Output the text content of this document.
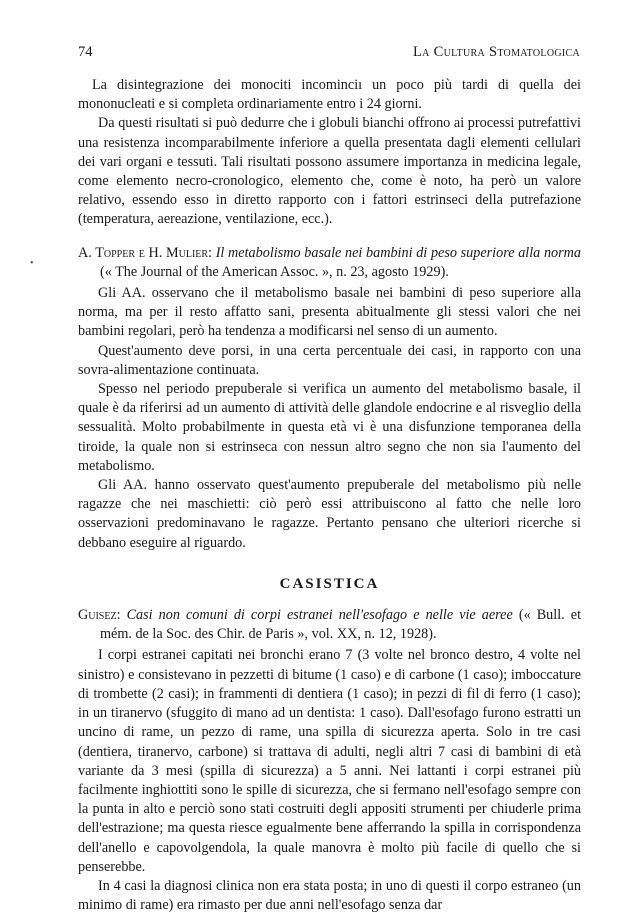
74	La Cultura Stomatologica
•

La disintegrazione dei monociti incominciı un poco più tardi di quella dei mononucleati e si completa ordinariamente entro i 24 giorni.

Da questi risultati si può dedurre che i globuli bianchi offrono ai processi putrefattivi una resistenza incomparabilmente inferiore a quella presentata dagli elementi cellulari dei vari organi e tessuti. Tali risultati possono assumere importanza in medicina legale, come elemento necro-cronologico, elemento che, come è noto, ha però un valore relativo, essendo esso in diretto rapporto con i fattori estrinseci della putrefazione (temperatura, aereazione, ventilazione, ecc.).

A. Topper e H. Mulier: Il metabolismo basale nei bambini di peso superiore alla norma (« The Journal of the American Assoc. », n. 23, agosto 1929).

Gli AA. osservano che il metabolismo basale nei bambini di peso superiore alla norma, ma per il resto affatto sani, presenta abitualmente gli stessi valori che nei bambini regolari, però ha tendenza a modificarsi nel senso di un aumento.

Quest'aumento deve porsi, in una certa percentuale dei casi, in rapporto con una sovra-alimentazione continuata.

Spesso nel periodo prepuberale si verifica un aumento del metabolismo basale, il quale è da riferirsi ad un aumento di attività delle glandole endocrine e al risveglio della sessualità. Molto probabilmente in questa età vi è una disfunzione temporanea della tiroide, la quale non si estrinseca con nessun altro segno che non sia l'aumento del metabolismo.

Gli AA. hanno osservato quest'aumento prepuberale del metabolismo più nelle ragazze che nei maschietti: ciò però essi attribuiscono al fatto che nelle loro osservazioni predominavano le ragazze. Pertanto pensano che ulteriori ricerche si debbano eseguire al riguardo.

CASISTICA

Guisez: Casi non comuni di corpi estranei nell'esofago e nelle vie aeree (« Bull. et mém. de la Soc. des Chir. de Paris », vol. XX, n. 12, 1928).

I corpi estranei capitati nei bronchi erano 7 (3 volte nel bronco destro, 4 volte nel sinistro) e consistevano in pezzetti di bitume (1 caso) e di carbone (1 caso); imboccature di trombette (2 casi); in frammenti di dentiera (1 caso); in pezzi di fil di ferro (1 caso); in un tiranervo (sfuggito di mano ad un dentista: 1 caso). Dall'esofago furono estratti un uncino di rame, un pezzo di rame, una spilla di sicurezza aperta. Solo in tre casi (dentiera, tiranervo, carbone) si trattava di adulti, negli altri 7 casi di bambini di età variante da 3 mesi (spilla di sicurezza) a 5 anni. Nei lattanti i corpi estranei più facilmente inghiottiti sono le spille di sicurezza, che si fermano nell'esofago sempre con la punta in alto e perciò sono stati costruiti degli appositi strumenti per chiuderle prima dell'estrazione; ma questa riesce egualmente bene afferrando la spilla in corrispondenza dell'anello e capovolgendola, la quale manovra è molto più facile di quello che si penserebbe.

In 4 casi la diagnosi clinica non era stata posta; in uno di questi il corpo estraneo (un minimo di rame) era rimasto per due anni nell'esofago senza dar
